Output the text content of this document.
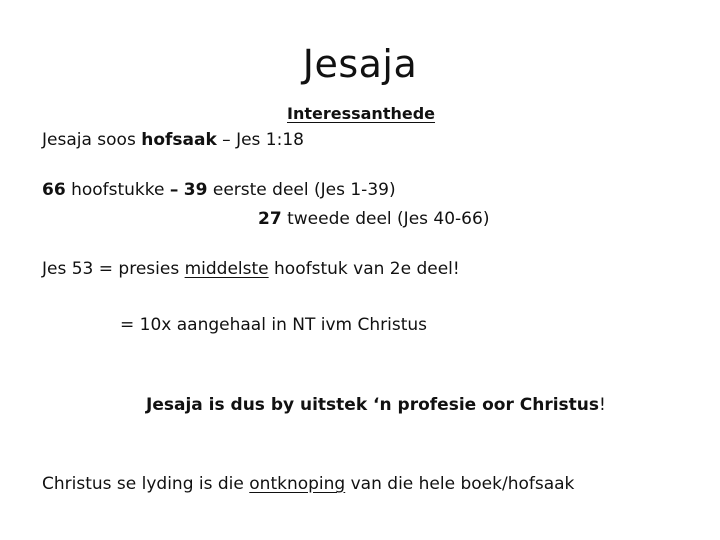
Jesaja
Interessanthede
Jesaja soos hofsaak – Jes 1:18
66 hoofstukke – 39 eerste deel (Jes 1-39)
27 tweede deel (Jes 40-66)
Jes 53 = presies middelste hoofstuk van 2e deel!
= 10x aangehaal in NT ivm Christus
Jesaja is dus by uitstek ‘n profesie oor Christus!
Christus se lyding is die ontknoping van die hele boek/hofsaak
